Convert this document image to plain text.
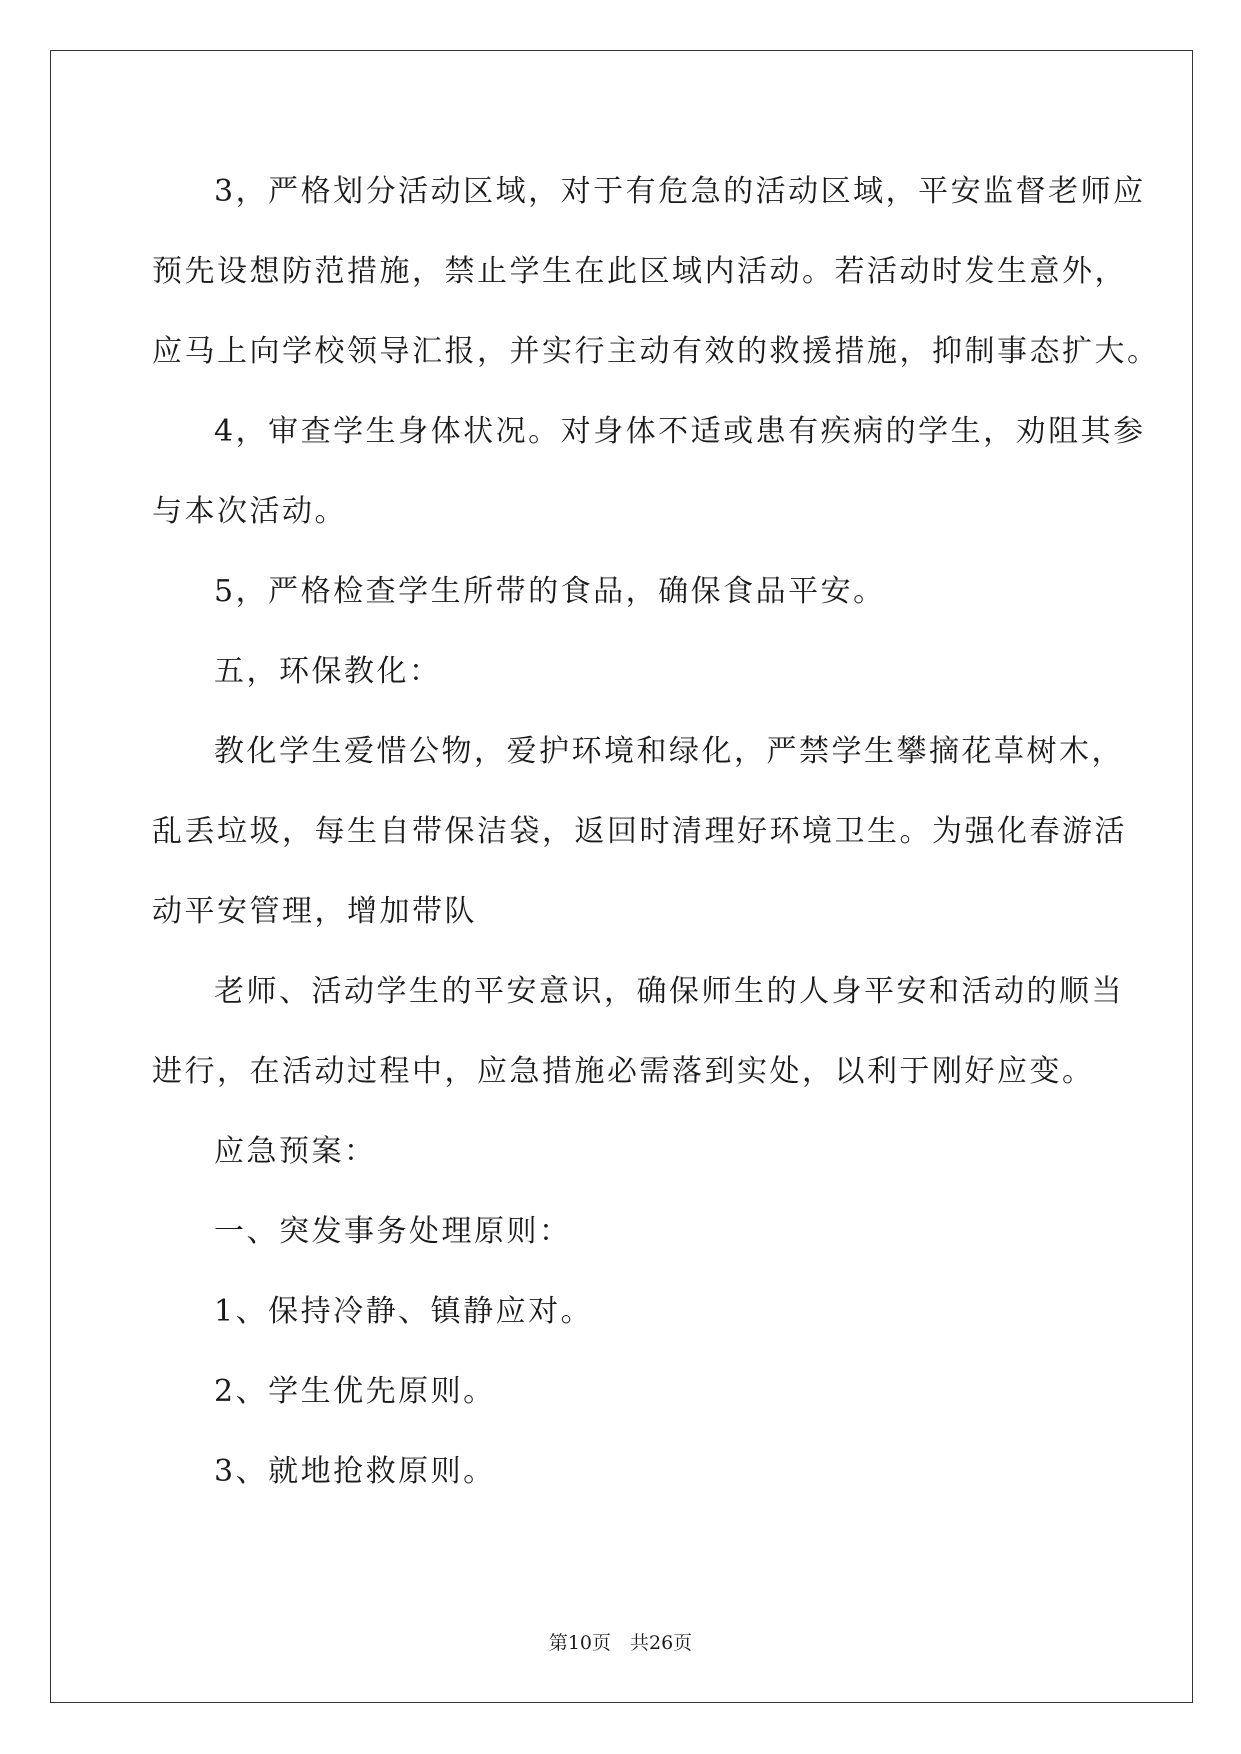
3，严格划分活动区域，对于有危急的活动区域，平安监督老师应
预先设想防范措施，禁止学生在此区域内活动。若活动时发生意外，
应马上向学校领导汇报，并实行主动有效的救援措施，抑制事态扩大。
4，审查学生身体状况。对身体不适或患有疾病的学生，劝阻其参
与本次活动。
5，严格检查学生所带的食品，确保食品平安。
五，环保教化：
教化学生爱惜公物，爱护环境和绿化，严禁学生攀摘花草树木，
乱丢垃圾，每生自带保洁袋，返回时清理好环境卫生。为强化春游活
动平安管理，增加带队
老师、活动学生的平安意识，确保师生的人身平安和活动的顺当
进行，在活动过程中，应急措施必需落到实处，以利于刚好应变。
应急预案：
一、突发事务处理原则：
1、保持冷静、镇静应对。
2、学生优先原则。
3、就地抢救原则。
第10页　共26页
